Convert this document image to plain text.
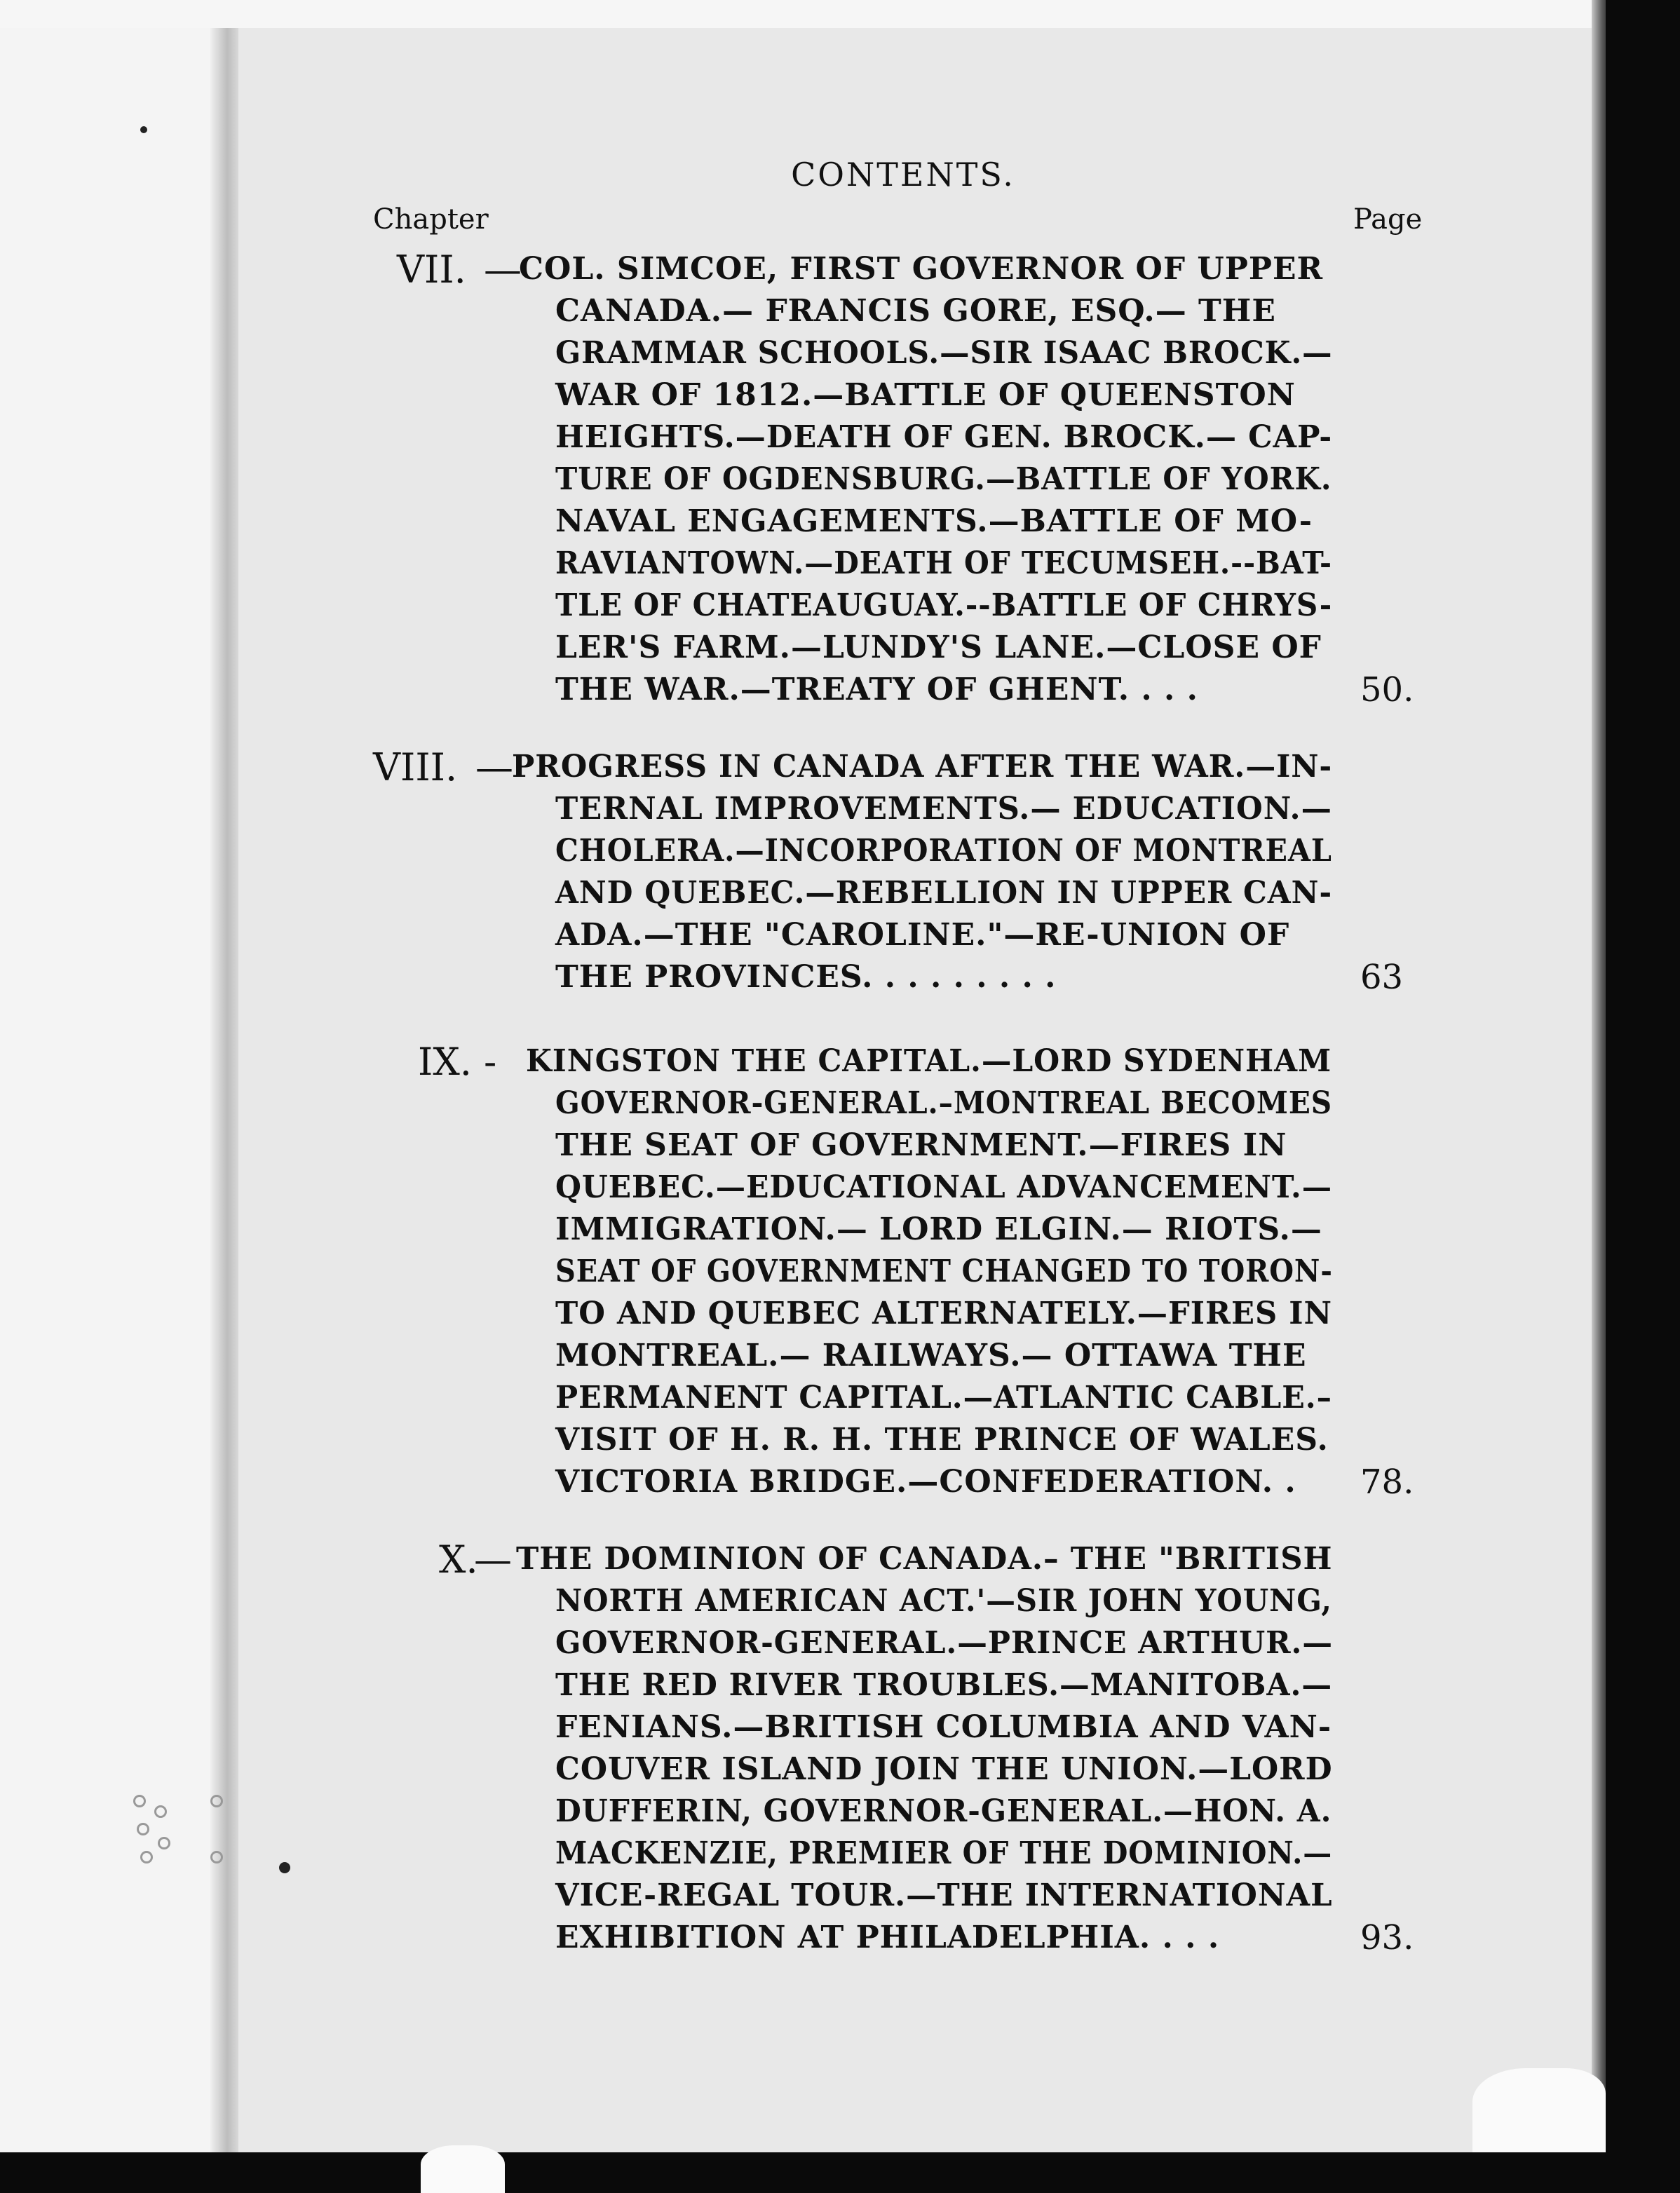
CONTENTS.
Chapter	Page
VII. —
COL. SIMCOE, FIRST GOVERNOR OF UPPER
CANADA.— FRANCIS GORE, ESQ.— THE
GRAMMAR SCHOOLS.—SIR ISAAC BROCK.—
WAR OF 1812.—BATTLE OF QUEENSTON
HEIGHTS.—DEATH OF GEN. BROCK.— CAP-
TURE OF OGDENSBURG.—BATTLE OF YORK.
NAVAL ENGAGEMENTS.—BATTLE OF MO-
RAVIANTOWN.—DEATH OF TECUMSEH.--BAT-
TLE OF CHATEAUGUAY.--BATTLE OF CHRYS-
LER'S FARM.—LUNDY'S LANE.—CLOSE OF
THE WAR.—TREATY OF GHENT. . . .	50.
VIII. —
PROGRESS IN CANADA AFTER THE WAR.—IN-
TERNAL IMPROVEMENTS.— EDUCATION.—
CHOLERA.—INCORPORATION OF MONTREAL
AND QUEBEC.—REBELLION IN UPPER CAN-
ADA.—THE "CAROLINE."—RE-UNION OF
THE PROVINCES. . . . . . . . .	63
IX. - KINGSTON THE CAPITAL.—LORD SYDENHAM
GOVERNOR-GENERAL.–MONTREAL BECOMES
THE SEAT OF GOVERNMENT.—FIRES IN
QUEBEC.—EDUCATIONAL ADVANCEMENT.—
IMMIGRATION.— LORD ELGIN.— RIOTS.—
SEAT OF GOVERNMENT CHANGED TO TORON-
TO AND QUEBEC ALTERNATELY.—FIRES IN
MONTREAL.— RAILWAYS.— OTTAWA THE
PERMANENT CAPITAL.—ATLANTIC CABLE.–
VISIT OF H. R. H. THE PRINCE OF WALES.
VICTORIA BRIDGE.—CONFEDERATION. . 78.
X.
— THE DOMINION OF CANADA.– THE "BRITISH
NORTH AMERICAN ACT.'—SIR JOHN YOUNG,
GOVERNOR-GENERAL.—PRINCE ARTHUR.—
THE RED RIVER TROUBLES.—MANITOBA.—
FENIANS.—BRITISH COLUMBIA AND VAN-
COUVER ISLAND JOIN THE UNION.—LORD
DUFFERIN, GOVERNOR-GENERAL.—HON. A.
MACKENZIE, PREMIER OF THE DOMINION.—
VICE-REGAL TOUR.—THE INTERNATIONAL
EXHIBITION AT PHILADELPHIA. . . .	93.
